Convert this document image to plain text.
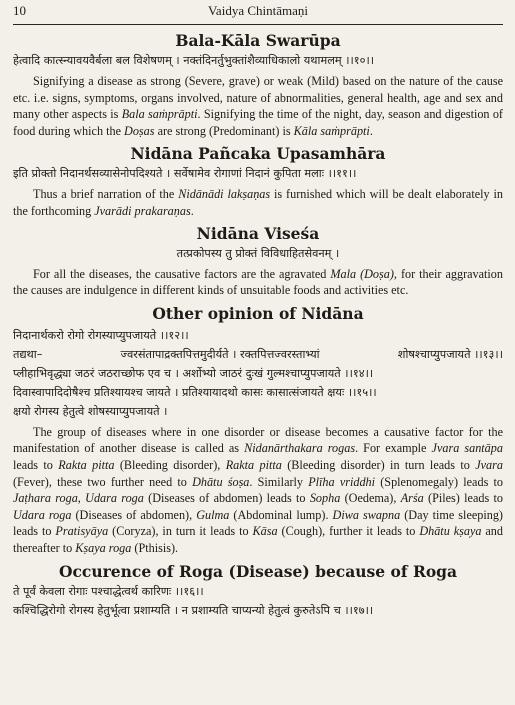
10	Vaidya Chintāmaṇi
Bala-Kāla Swarūpa
हेत्वादि कात्स्न्यावयवैर्बला बल विशेषणम् । नक्तंदिनर्तुभुक्तांशैव्याधिकालो यथामलम् ।।१०।।

Signifying a disease as strong (Severe, grave) or weak (Mild) based on the nature of the cause etc. i.e. signs, symptoms, organs involved, nature of abnormalities, general health, age and sex and many other aspects is Bala saṁprāpti. Signifying the time of the night, day, season and digestion of food during which the Doṣas are strong (Predominant) is Kāla saṁprāpti.

Nidāna Pañcaka Upasamhāra
इति प्रोक्तो निदानर्थसव्यासेनोपदिश्यते । सर्वेषामेव रोगाणां निदानं कुपिता मलाः ।।११।।

Thus a brief narration of the Nidānādi lakṣaṇas is furnished which will be dealt elaborately in the forthcoming Jvarādi prakaraṇas.

Nidāna Viseśa
तत्प्रकोपस्य तु प्रोक्तं विविधाहितसेवनम् ।

For all the diseases, the causative factors are the agravated Mala (Doṣa), for their aggravation the causes are indulgence in different kinds of unsuitable foods and activities etc.

Other opinion of Nidāna
निदानार्थकरो रोगो रोगस्याप्युपजायते ।।१२।।
तद्यथा–	ज्वरसंतापाद्रक्तपित्तमुदीर्यते । रक्तपित्तज्वरस्ताभ्यां	शोषश्चाप्युपजायते ।।१३।।
प्लीहाभिवृद्ध्या जठरं जठराच्छोफ एव च । अर्शोभ्यो जाठरं दुःखं गुल्मश्चाप्युपजायते ।।१४।।
दिवास्वापादिदोषैश्च प्रतिश्यायश्च जायते । प्रतिश्यायादथो कासः कासात्संजायते क्षयः ।।१५।।
क्षयो रोगस्य हेतुत्वे शोषस्याप्युपजायते ।

The group of diseases where in one disorder or disease becomes a causative factor for the manifestation of another disease is called as Nidanārthakara rogas. For example Jvara santāpa leads to Rakta pitta (Bleeding disorder), Rakta pitta (Bleeding disorder) in turn leads to Jvara (Fever), these two further need to Dhātu śoṣa. Similarly Plīha vriddhi (Splenomegaly) leads to Jaṭhara roga, Udara roga (Diseases of abdomen) leads to Sopha (Oedema), Arśa (Piles) leads to Udara roga (Diseases of abdomen), Gulma (Abdominal lump). Diwa swapna (Day time sleeping) leads to Pratisyāya (Coryza), in turn it leads to Kāsa (Cough), further it leads to Dhātu kṣaya and thereafter to Kṣaya roga (Pthisis).

Occurence of Roga (Disease) because of Roga
ते पूर्वं केवला रोगाः पश्चाद्धेत्वर्थ कारिणः ।।१६।।
कश्चिद्धिरोगो रोगस्य हेतुर्भूत्वा प्रशाम्यति । न प्रशाम्यति चाप्यन्यो हेतुत्वं कुरुतेऽपि च ।।१७।।
